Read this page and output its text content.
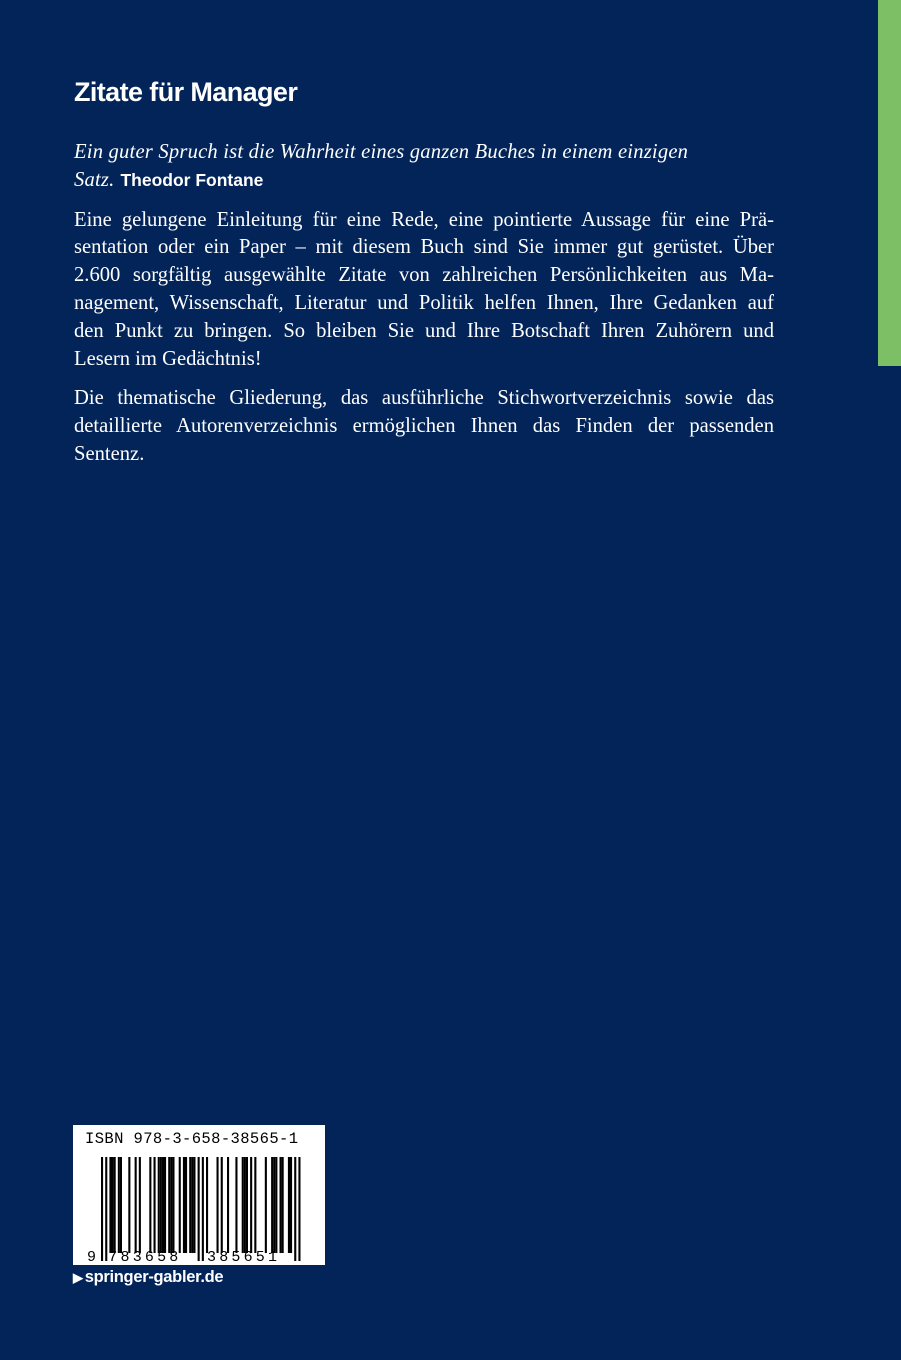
Zitate für Manager

Ein guter Spruch ist die Wahrheit eines ganzen Buches in einem einzigen
Satz. Theodor Fontane

Eine gelungene Einleitung für eine Rede, eine pointierte Aussage für eine Prä-
sentation oder ein Paper – mit diesem Buch sind Sie immer gut gerüstet. Über
2.600 sorgfältig ausgewählte Zitate von zahlreichen Persönlichkeiten aus Ma-
nagement, Wissenschaft, Literatur und Politik helfen Ihnen, Ihre Gedanken auf
den Punkt zu bringen. So bleiben Sie und Ihre Botschaft Ihren Zuhörern und
Lesern im Gedächtnis!

Die thematische Gliederung, das ausführliche Stichwortverzeichnis sowie das
detaillierte Autorenverzeichnis ermöglichen Ihnen das Finden der passenden
Sentenz.

ISBN 978-3-658-38565-1
9 783658 385651
▶ springer-gabler.de
